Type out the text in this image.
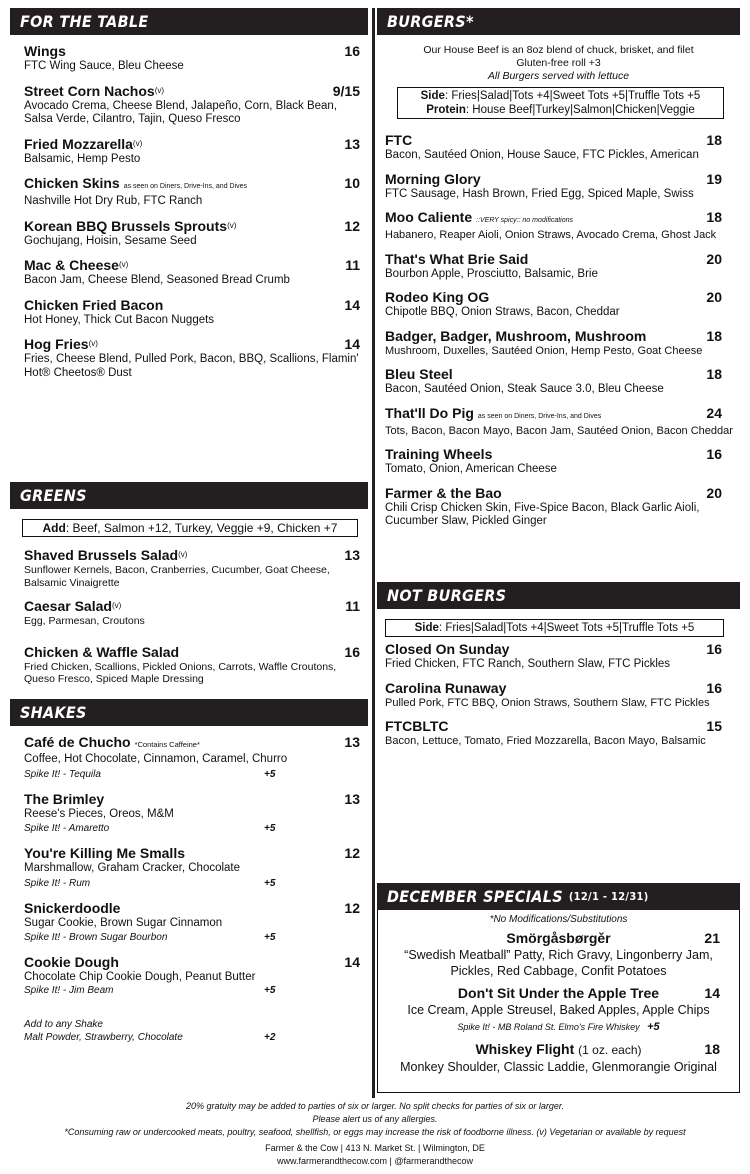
FOR THE TABLE
Wings	16
FTC Wing Sauce, Bleu Cheese
Street Corn Nachos$^{(v)}$	9/15
Avocado Crema, Cheese Blend, Jalapeño, Corn, Black Bean, Salsa Verde, Cilantro, Tajin, Queso Fresco
Fried Mozzarella$^{(v)}$	13
Balsamic, Hemp Pesto
Chicken Skins as seen on Diners, Drive-Ins, and Dives	10
Nashville Hot Dry Rub, FTC Ranch
Korean BBQ Brussels Sprouts$^{(v)}$	12
Gochujang, Hoisin, Sesame Seed
Mac & Cheese$^{(v)}$	11
Bacon Jam, Cheese Blend, Seasoned Bread Crumb
Chicken Fried Bacon	14
Hot Honey, Thick Cut Bacon Nuggets
Hog Fries$^{(v)}$	14
Fries, Cheese Blend, Pulled Pork, Bacon, BBQ, Scallions, Flamin' Hot® Cheetos® Dust
GREENS
Add: Beef, Salmon +12, Turkey, Veggie +9, Chicken +7
Shaved Brussels Salad$^{(v)}$	13
Sunflower Kernels, Bacon, Cranberries, Cucumber, Goat Cheese, Balsamic Vinaigrette
Caesar Salad$^{(v)}$	11
Egg, Parmesan, Croutons
Chicken & Waffle Salad	16
Fried Chicken, Scallions, Pickled Onions, Carrots, Waffle Croutons, Queso Fresco, Spiced Maple Dressing
SHAKES
Café de Chucho *Contains Caffeine*	13
Coffee, Hot Chocolate, Cinnamon, Caramel, Churro
Spike It! - Tequila	+5
The Brimley	13
Reese's Pieces, Oreos, M&M
Spike It! - Amaretto	+5
You're Killing Me Smalls	12
Marshmallow, Graham Cracker, Chocolate
Spike It! - Rum	+5
Snickerdoodle	12
Sugar Cookie, Brown Sugar Cinnamon
Spike It! - Brown Sugar Bourbon	+5
Cookie Dough	14
Chocolate Chip Cookie Dough, Peanut Butter
Spike It! - Jim Beam	+5
Add to any Shake
Malt Powder, Strawberry, Chocolate	+2
BURGERS*
Our House Beef is an 8oz blend of chuck, brisket, and filet
Gluten-free roll +3
All Burgers served with lettuce
Side: Fries|Salad|Tots +4|Sweet Tots +5|Truffle Tots +5
Protein: House Beef|Turkey|Salmon|Chicken|Veggie
FTC	18
Bacon, Sautéed Onion, House Sauce, FTC Pickles, American
Morning Glory	19
FTC Sausage, Hash Brown, Fried Egg, Spiced Maple, Swiss
Moo Caliente ::VERY spicy:: no modifications	18
Habanero, Reaper Aioli, Onion Straws, Avocado Crema, Ghost Jack
That's What Brie Said	20
Bourbon Apple, Prosciutto, Balsamic, Brie
Rodeo King OG	20
Chipotle BBQ, Onion Straws, Bacon, Cheddar
Badger, Badger, Mushroom, Mushroom	18
Mushroom, Duxelles, Sautéed Onion, Hemp Pesto, Goat Cheese
Bleu Steel	18
Bacon, Sautéed Onion, Steak Sauce 3.0, Bleu Cheese
That'll Do Pig as seen on Diners, Drive-Ins, and Dives	24
Tots, Bacon, Bacon Mayo, Bacon Jam, Sautéed Onion, Bacon Cheddar
Training Wheels	16
Tomato, Onion, American Cheese
Farmer & the Bao	20
Chili Crisp Chicken Skin, Five-Spice Bacon, Black Garlic Aioli, Cucumber Slaw, Pickled Ginger
NOT BURGERS
Side: Fries|Salad|Tots +4|Sweet Tots +5|Truffle Tots +5
Closed On Sunday	16
Fried Chicken, FTC Ranch, Southern Slaw, FTC Pickles
Carolina Runaway	16
Pulled Pork, FTC BBQ, Onion Straws, Southern Slaw, FTC Pickles
FTCBLTC	15
Bacon, Lettuce, Tomato, Fried Mozzarella, Bacon Mayo, Balsamic
DECEMBER SPECIALS (12/1 - 12/31)
*No Modifications/Substitutions
Smörgåsbørgěr	21
“Swedish Meatball” Patty, Rich Gravy, Lingonberry Jam, Pickles, Red Cabbage, Confit Potatoes
Don't Sit Under the Apple Tree	14
Ice Cream, Apple Streusel, Baked Apples, Apple Chips
Spike It! - MB Roland St. Elmo's Fire Whiskey +5
Whiskey Flight (1 oz. each)	18
Monkey Shoulder, Classic Laddie, Glenmorangie Original
20% gratuity may be added to parties of six or larger. No split checks for parties of six or larger.
Please alert us of any allergies.
*Consuming raw or undercooked meats, poultry, seafood, shellfish, or eggs may increase the risk of foodborne illness. (v) Vegetarian or available by request
Farmer & the Cow | 413 N. Market St. | Wilmington, DE
www.farmerandthecow.com | @farmerandthecow
